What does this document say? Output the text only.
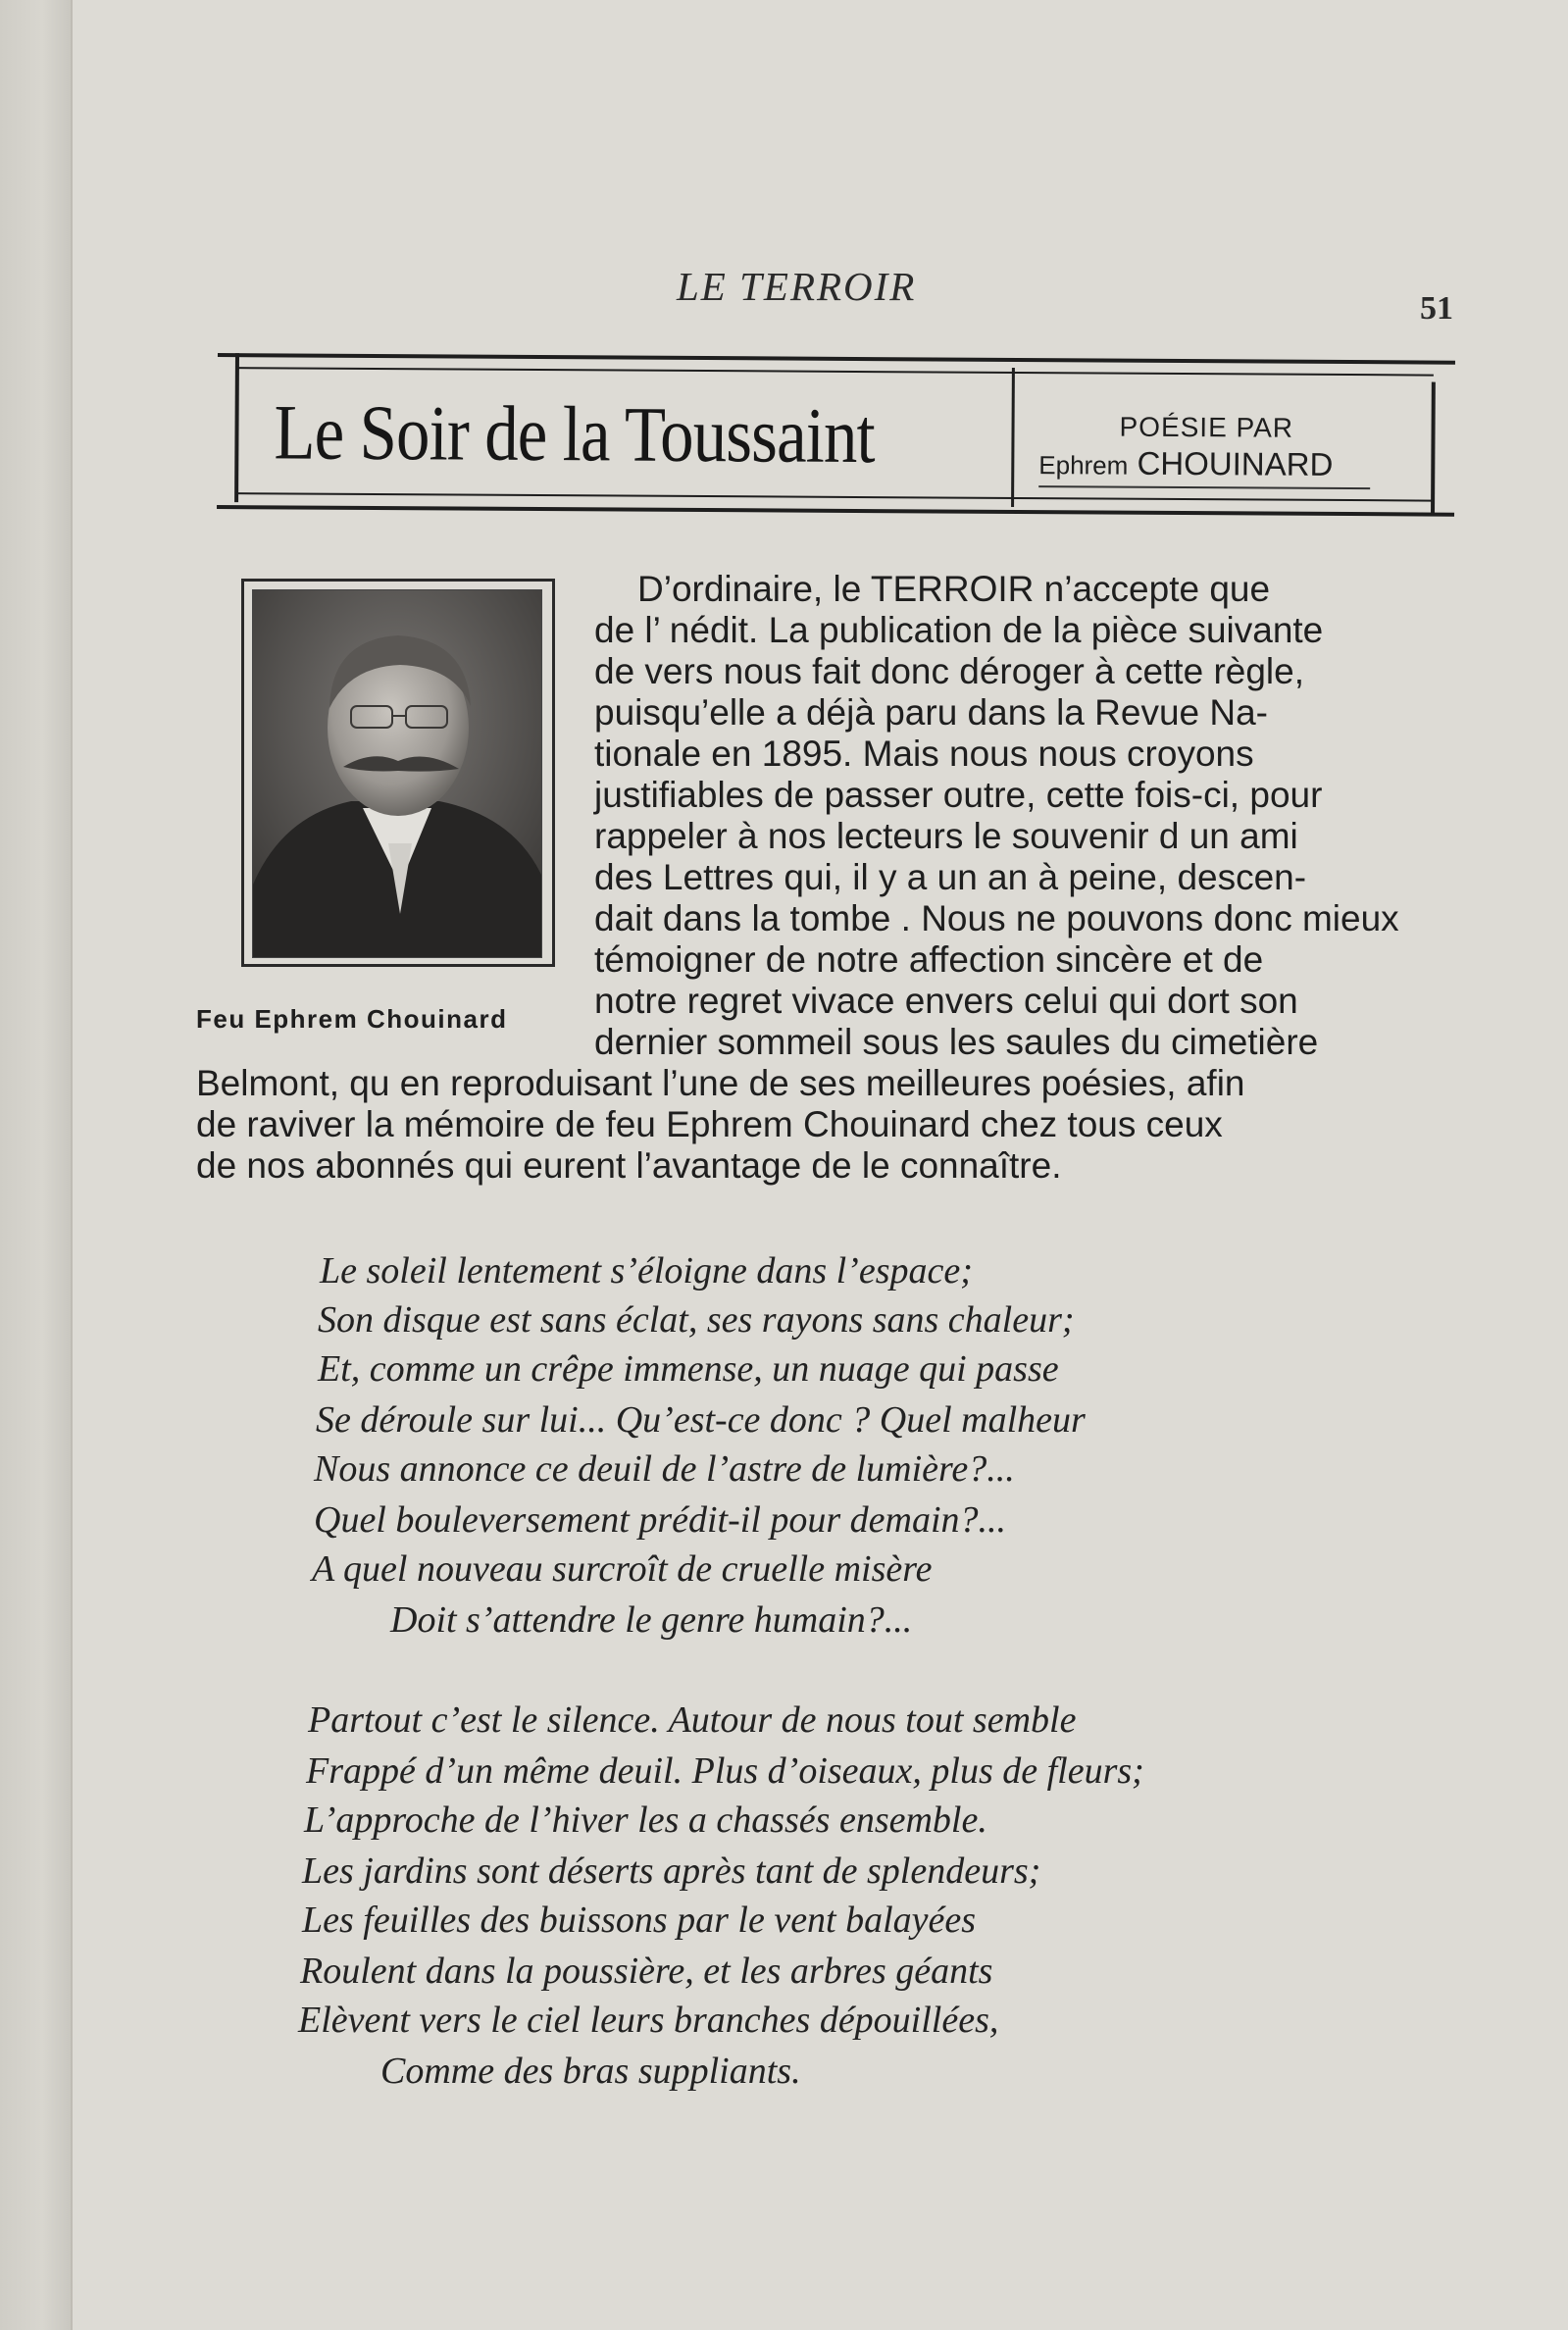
LE TERROIR	51
Le Soir de la Toussaint	POÉSIE PAR
Ephrem CHOUINARD
Feu Ephrem Chouinard
D’ordinaire, le TERROIR n’accepte que
de l’ nédit. La publication de la pièce suivante
de vers nous fait donc déroger à cette règle,
puisqu’elle a déjà paru dans la Revue Na-
tionale en 1895. Mais nous nous croyons
justifiables de passer outre, cette fois-ci, pour
rappeler à nos lecteurs le souvenir d un ami
des Lettres qui, il y a un an à peine, descen-
dait dans la tombe . Nous ne pouvons donc mieux
témoigner de notre affection sincère et de
notre regret vivace envers celui qui dort son
dernier sommeil sous les saules du cimetière
Belmont, qu en reproduisant l’une de ses meilleures poésies, afin
de raviver la mémoire de feu Ephrem Chouinard chez tous ceux
de nos abonnés qui eurent l’avantage de le connaître.
Le soleil lentement s’éloigne dans l’espace;
Son disque est sans éclat, ses rayons sans chaleur;
Et, comme un crêpe immense, un nuage qui passe
Se déroule sur lui... Qu’est-ce donc ? Quel malheur
Nous annonce ce deuil de l’astre de lumière?...
Quel bouleversement prédit-il pour demain?...
A quel nouveau surcroît de cruelle misère
Doit s’attendre le genre humain?...
Partout c’est le silence. Autour de nous tout semble
Frappé d’un même deuil. Plus d’oiseaux, plus de fleurs;
L’approche de l’hiver les a chassés ensemble.
Les jardins sont déserts après tant de splendeurs;
Les feuilles des buissons par le vent balayées
Roulent dans la poussière, et les arbres géants
Elèvent vers le ciel leurs branches dépouillées,
Comme des bras suppliants.
